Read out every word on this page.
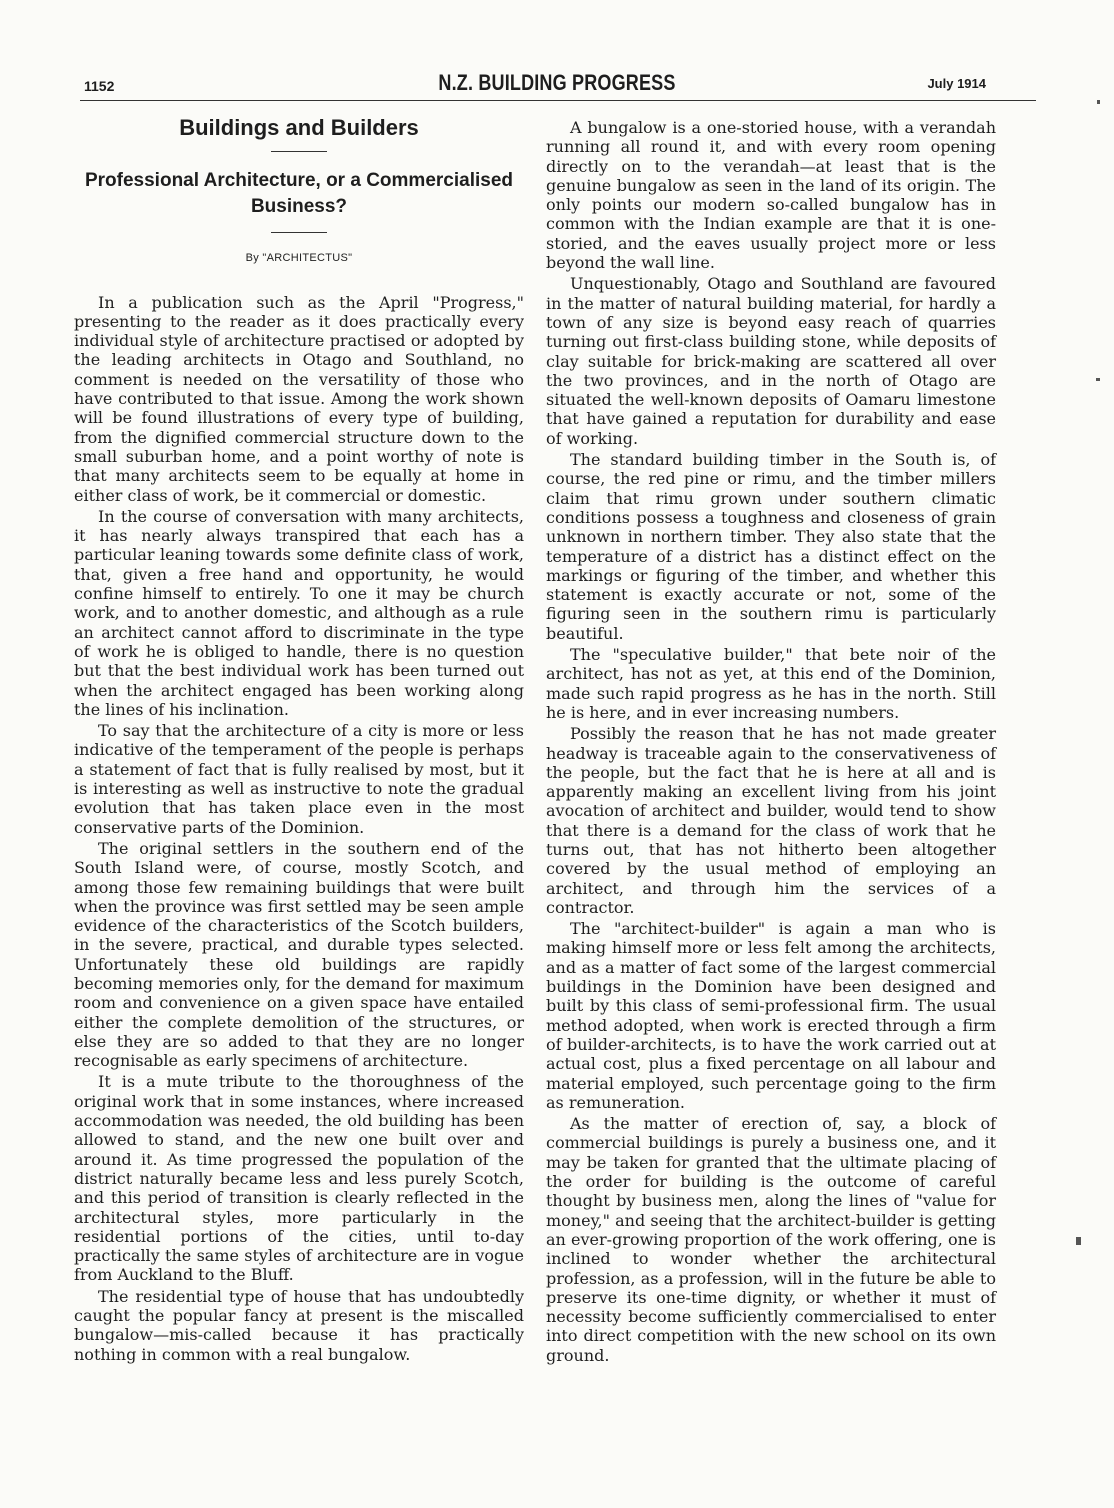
1152	N.Z. BUILDING PROGRESS	July 1914
Buildings and Builders
Professional Architecture, or a Commercialised Business?
By "ARCHITECTUS"

In a publication such as the April "Progress," presenting to the reader as it does practically every individual style of architecture practised or adopted by the leading architects in Otago and Southland, no comment is needed on the versatility of those who have contributed to that issue. Among the work shown will be found illustrations of every type of building, from the dignified commercial structure down to the small suburban home, and a point worthy of note is that many architects seem to be equally at home in either class of work, be it commercial or domestic.

In the course of conversation with many architects, it has nearly always transpired that each has a particular leaning towards some definite class of work, that, given a free hand and opportunity, he would confine himself to entirely. To one it may be church work, and to another domestic, and although as a rule an architect cannot afford to discriminate in the type of work he is obliged to handle, there is no question but that the best individual work has been turned out when the architect engaged has been working along the lines of his inclination.

To say that the architecture of a city is more or less indicative of the temperament of the people is perhaps a statement of fact that is fully realised by most, but it is interesting as well as instructive to note the gradual evolution that has taken place even in the most conservative parts of the Dominion.

The original settlers in the southern end of the South Island were, of course, mostly Scotch, and among those few remaining buildings that were built when the province was first settled may be seen ample evidence of the characteristics of the Scotch builders, in the severe, practical, and durable types selected. Unfortunately these old buildings are rapidly becoming memories only, for the demand for maximum room and convenience on a given space have entailed either the complete demolition of the structures, or else they are so added to that they are no longer recognisable as early specimens of architecture.

It is a mute tribute to the thoroughness of the original work that in some instances, where increased accommodation was needed, the old building has been allowed to stand, and the new one built over and around it. As time progressed the population of the district naturally became less and less purely Scotch, and this period of transition is clearly reflected in the architectural styles, more particularly in the residential portions of the cities, until to-day practically the same styles of architecture are in vogue from Auckland to the Bluff.

The residential type of house that has undoubtedly caught the popular fancy at present is the miscalled bungalow—mis-called because it has practically nothing in common with a real bungalow.

A bungalow is a one-storied house, with a verandah running all round it, and with every room opening directly on to the verandah—at least that is the genuine bungalow as seen in the land of its origin. The only points our modern so-called bungalow has in common with the Indian example are that it is one-storied, and the eaves usually project more or less beyond the wall line.

Unquestionably, Otago and Southland are favoured in the matter of natural building material, for hardly a town of any size is beyond easy reach of quarries turning out first-class building stone, while deposits of clay suitable for brick-making are scattered all over the two provinces, and in the north of Otago are situated the well-known deposits of Oamaru limestone that have gained a reputation for durability and ease of working.

The standard building timber in the South is, of course, the red pine or rimu, and the timber millers claim that rimu grown under southern climatic conditions possess a toughness and closeness of grain unknown in northern timber. They also state that the temperature of a district has a distinct effect on the markings or figuring of the timber, and whether this statement is exactly accurate or not, some of the figuring seen in the southern rimu is particularly beautiful.

The "speculative builder," that bete noir of the architect, has not as yet, at this end of the Dominion, made such rapid progress as he has in the north. Still he is here, and in ever increasing numbers.

Possibly the reason that he has not made greater headway is traceable again to the conservativeness of the people, but the fact that he is here at all and is apparently making an excellent living from his joint avocation of architect and builder, would tend to show that there is a demand for the class of work that he turns out, that has not hitherto been altogether covered by the usual method of employing an architect, and through him the services of a contractor.

The "architect-builder" is again a man who is making himself more or less felt among the architects, and as a matter of fact some of the largest commercial buildings in the Dominion have been designed and built by this class of semi-professional firm. The usual method adopted, when work is erected through a firm of builder-architects, is to have the work carried out at actual cost, plus a fixed percentage on all labour and material employed, such percentage going to the firm as remuneration.

As the matter of erection of, say, a block of commercial buildings is purely a business one, and it may be taken for granted that the ultimate placing of the order for building is the outcome of careful thought by business men, along the lines of "value for money," and seeing that the architect-builder is getting an ever-growing proportion of the work offering, one is inclined to wonder whether the architectural profession, as a profession, will in the future be able to preserve its one-time dignity, or whether it must of necessity become sufficiently commercialised to enter into direct competition with the new school on its own ground.
